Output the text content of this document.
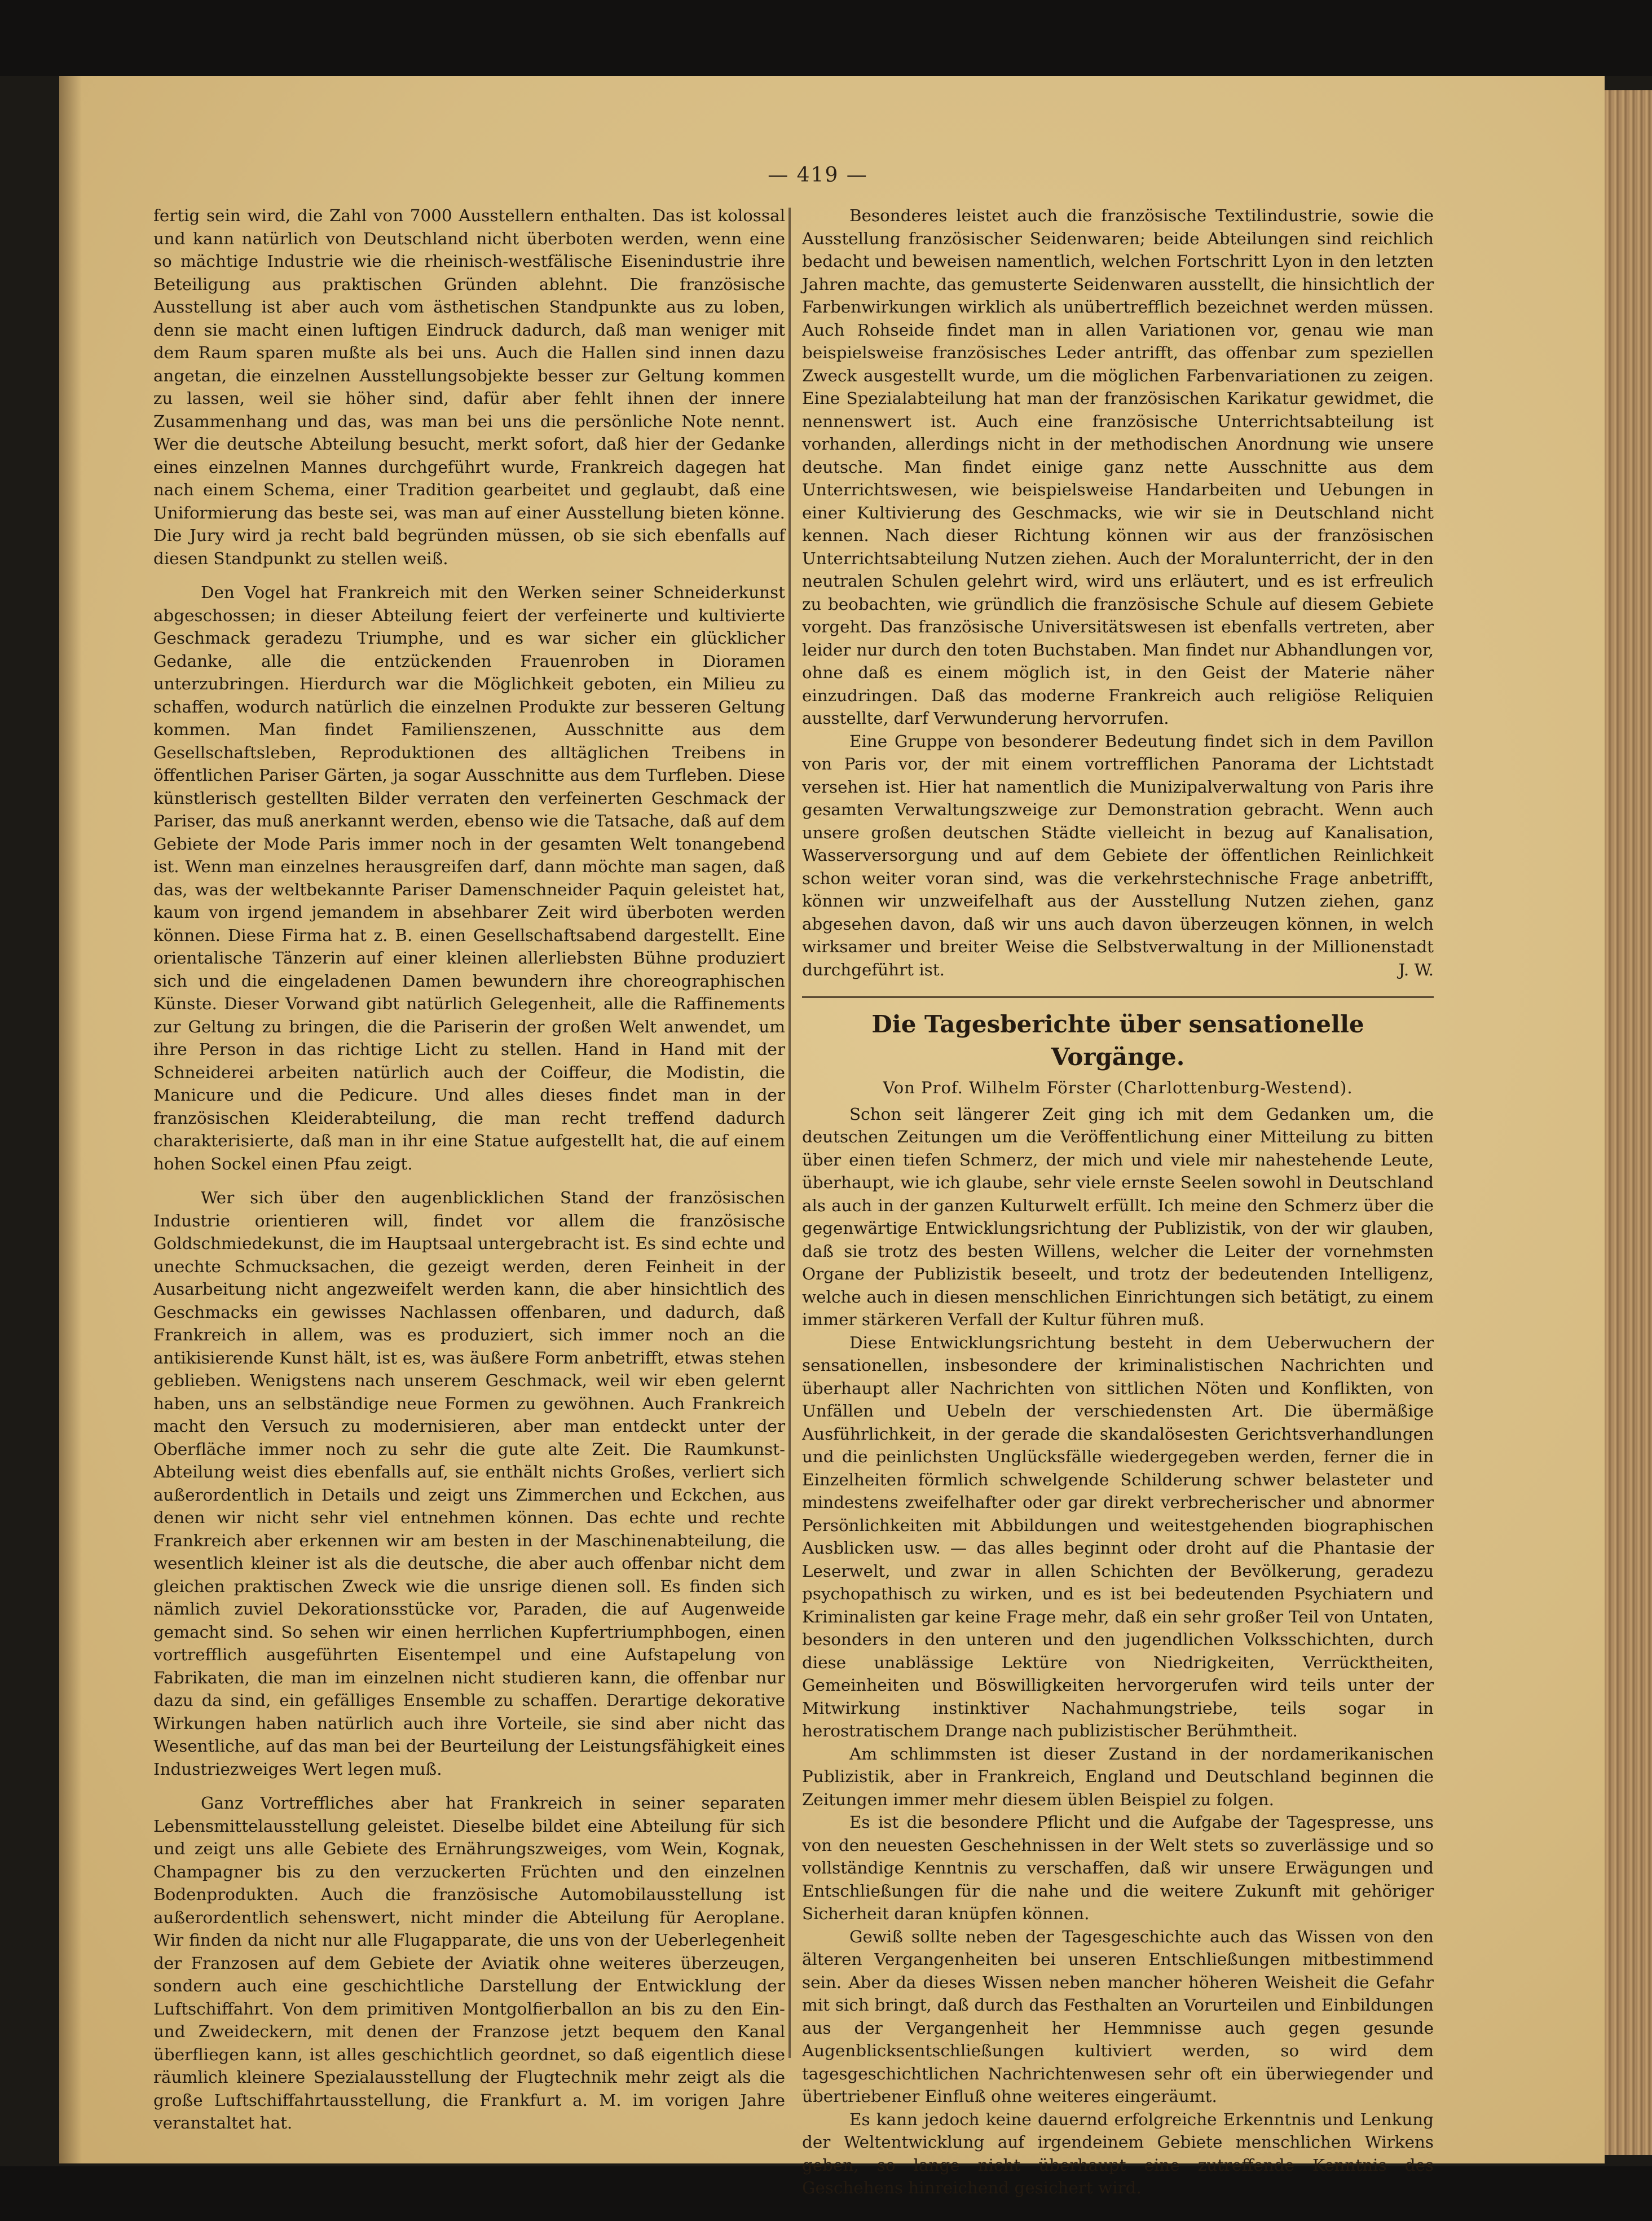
— 419 —

fertig sein wird, die Zahl von 7000 Ausstellern enthalten. Das ist kolossal und kann natürlich von Deutschland nicht überboten werden, wenn eine so mächtige Industrie wie die rheinisch-westfälische Eisenindustrie ihre Beteiligung aus praktischen Gründen ablehnt. Die französische Ausstellung ist aber auch vom ästhetischen Standpunkte aus zu loben, denn sie macht einen luftigen Eindruck dadurch, daß man weniger mit dem Raum sparen mußte als bei uns. Auch die Hallen sind innen dazu angetan, die einzelnen Ausstellungsobjekte besser zur Geltung kommen zu lassen, weil sie höher sind, dafür aber fehlt ihnen der innere Zusammenhang und das, was man bei uns die persönliche Note nennt. Wer die deutsche Abteilung besucht, merkt sofort, daß hier der Gedanke eines einzelnen Mannes durchgeführt wurde, Frankreich dagegen hat nach einem Schema, einer Tradition gearbeitet und geglaubt, daß eine Uniformierung das beste sei, was man auf einer Ausstellung bieten könne. Die Jury wird ja recht bald begründen müssen, ob sie sich ebenfalls auf diesen Standpunkt zu stellen weiß.

Den Vogel hat Frankreich mit den Werken seiner Schneiderkunst abgeschossen; in dieser Abteilung feiert der verfeinerte und kultivierte Geschmack geradezu Triumphe, und es war sicher ein glücklicher Gedanke, alle die entzückenden Frauenroben in Dioramen unterzubringen. Hierdurch war die Möglichkeit geboten, ein Milieu zu schaffen, wodurch natürlich die einzelnen Produkte zur besseren Geltung kommen. Man findet Familienszenen, Ausschnitte aus dem Gesellschaftsleben, Reproduktionen des alltäglichen Treibens in öffentlichen Pariser Gärten, ja sogar Ausschnitte aus dem Turfleben. Diese künstlerisch gestellten Bilder verraten den verfeinerten Geschmack der Pariser, das muß anerkannt werden, ebenso wie die Tatsache, daß auf dem Gebiete der Mode Paris immer noch in der gesamten Welt tonangebend ist. Wenn man einzelnes herausgreifen darf, dann möchte man sagen, daß das, was der weltbekannte Pariser Damenschneider Paquin geleistet hat, kaum von irgend jemandem in absehbarer Zeit wird überboten werden können. Diese Firma hat z. B. einen Gesellschaftsabend dargestellt. Eine orientalische Tänzerin auf einer kleinen allerliebsten Bühne produziert sich und die eingeladenen Damen bewundern ihre choreographischen Künste. Dieser Vorwand gibt natürlich Gelegenheit, alle die Raffinements zur Geltung zu bringen, die die Pariserin der großen Welt anwendet, um ihre Person in das richtige Licht zu stellen. Hand in Hand mit der Schneiderei arbeiten natürlich auch der Coiffeur, die Modistin, die Manicure und die Pedicure. Und alles dieses findet man in der französischen Kleiderabteilung, die man recht treffend dadurch charakterisierte, daß man in ihr eine Statue aufgestellt hat, die auf einem hohen Sockel einen Pfau zeigt.

Wer sich über den augenblicklichen Stand der französischen Industrie orientieren will, findet vor allem die französische Goldschmiedekunst, die im Hauptsaal untergebracht ist. Es sind echte und unechte Schmucksachen, die gezeigt werden, deren Feinheit in der Ausarbeitung nicht angezweifelt werden kann, die aber hinsichtlich des Geschmacks ein gewisses Nachlassen offenbaren, und dadurch, daß Frankreich in allem, was es produziert, sich immer noch an die antikisierende Kunst hält, ist es, was äußere Form anbetrifft, etwas stehen geblieben. Wenigstens nach unserem Geschmack, weil wir eben gelernt haben, uns an selbständige neue Formen zu gewöhnen. Auch Frankreich macht den Versuch zu modernisieren, aber man entdeckt unter der Oberfläche immer noch zu sehr die gute alte Zeit. Die Raumkunst-Abteilung weist dies ebenfalls auf, sie enthält nichts Großes, verliert sich außerordentlich in Details und zeigt uns Zimmerchen und Eckchen, aus denen wir nicht sehr viel entnehmen können. Das echte und rechte Frankreich aber erkennen wir am besten in der Maschinenabteilung, die wesentlich kleiner ist als die deutsche, die aber auch offenbar nicht dem gleichen praktischen Zweck wie die unsrige dienen soll. Es finden sich nämlich zuviel Dekorationsstücke vor, Paraden, die auf Augenweide gemacht sind. So sehen wir einen herrlichen Kupfertriumphbogen, einen vortrefflich ausgeführten Eisentempel und eine Aufstapelung von Fabrikaten, die man im einzelnen nicht studieren kann, die offenbar nur dazu da sind, ein gefälliges Ensemble zu schaffen. Derartige dekorative Wirkungen haben natürlich auch ihre Vorteile, sie sind aber nicht das Wesentliche, auf das man bei der Beurteilung der Leistungsfähigkeit eines Industriezweiges Wert legen muß.

Ganz Vortreffliches aber hat Frankreich in seiner separaten Lebensmittelausstellung geleistet. Dieselbe bildet eine Abteilung für sich und zeigt uns alle Gebiete des Ernährungszweiges, vom Wein, Kognak, Champagner bis zu den verzuckerten Früchten und den einzelnen Bodenprodukten. Auch die französische Automobilausstellung ist außerordentlich sehenswert, nicht minder die Abteilung für Aeroplane. Wir finden da nicht nur alle Flugapparate, die uns von der Ueberlegenheit der Franzosen auf dem Gebiete der Aviatik ohne weiteres überzeugen, sondern auch eine geschichtliche Darstellung der Entwicklung der Luftschiffahrt. Von dem primitiven Montgolfierballon an bis zu den Ein- und Zweideckern, mit denen der Franzose jetzt bequem den Kanal überfliegen kann, ist alles geschichtlich geordnet, so daß eigentlich diese räumlich kleinere Spezialausstellung der Flugtechnik mehr zeigt als die große Luftschiffahrtausstellung, die Frankfurt a. M. im vorigen Jahre veranstaltet hat.

Besonderes leistet auch die französische Textilindustrie, sowie die Ausstellung französischer Seidenwaren; beide Abteilungen sind reichlich bedacht und beweisen namentlich, welchen Fortschritt Lyon in den letzten Jahren machte, das gemusterte Seidenwaren ausstellt, die hinsichtlich der Farbenwirkungen wirklich als unübertrefflich bezeichnet werden müssen. Auch Rohseide findet man in allen Variationen vor, genau wie man beispielsweise französisches Leder antrifft, das offenbar zum speziellen Zweck ausgestellt wurde, um die möglichen Farbenvariationen zu zeigen. Eine Spezialabteilung hat man der französischen Karikatur gewidmet, die nennenswert ist. Auch eine französische Unterrichtsabteilung ist vorhanden, allerdings nicht in der methodischen Anordnung wie unsere deutsche. Man findet einige ganz nette Ausschnitte aus dem Unterrichtswesen, wie beispielsweise Handarbeiten und Uebungen in einer Kultivierung des Geschmacks, wie wir sie in Deutschland nicht kennen. Nach dieser Richtung können wir aus der französischen Unterrichtsabteilung Nutzen ziehen. Auch der Moralunterricht, der in den neutralen Schulen gelehrt wird, wird uns erläutert, und es ist erfreulich zu beobachten, wie gründlich die französische Schule auf diesem Gebiete vorgeht. Das französische Universitätswesen ist ebenfalls vertreten, aber leider nur durch den toten Buchstaben. Man findet nur Abhandlungen vor, ohne daß es einem möglich ist, in den Geist der Materie näher einzudringen. Daß das moderne Frankreich auch religiöse Reliquien ausstellte, darf Verwunderung hervorrufen.

Eine Gruppe von besonderer Bedeutung findet sich in dem Pavillon von Paris vor, der mit einem vortrefflichen Panorama der Lichtstadt versehen ist. Hier hat namentlich die Munizipalverwaltung von Paris ihre gesamten Verwaltungszweige zur Demonstration gebracht. Wenn auch unsere großen deutschen Städte vielleicht in bezug auf Kanalisation, Wasserversorgung und auf dem Gebiete der öffentlichen Reinlichkeit schon weiter voran sind, was die verkehrstechnische Frage anbetrifft, können wir unzweifelhaft aus der Ausstellung Nutzen ziehen, ganz abgesehen davon, daß wir uns auch davon überzeugen können, in welch wirksamer und breiter Weise die Selbstverwaltung in der Millionenstadt durchgeführt ist.	J. W.
Die Tagesberichte über sensationelle Vorgänge.
Von Prof. Wilhelm Förster (Charlottenburg-Westend).

Schon seit längerer Zeit ging ich mit dem Gedanken um, die deutschen Zeitungen um die Veröffentlichung einer Mitteilung zu bitten über einen tiefen Schmerz, der mich und viele mir nahestehende Leute, überhaupt, wie ich glaube, sehr viele ernste Seelen sowohl in Deutschland als auch in der ganzen Kulturwelt erfüllt. Ich meine den Schmerz über die gegenwärtige Entwicklungsrichtung der Publizistik, von der wir glauben, daß sie trotz des besten Willens, welcher die Leiter der vornehmsten Organe der Publizistik beseelt, und trotz der bedeutenden Intelligenz, welche auch in diesen menschlichen Einrichtungen sich betätigt, zu einem immer stärkeren Verfall der Kultur führen muß.

Diese Entwicklungsrichtung besteht in dem Ueberwuchern der sensationellen, insbesondere der kriminalistischen Nachrichten und überhaupt aller Nachrichten von sittlichen Nöten und Konflikten, von Unfällen und Uebeln der verschiedensten Art. Die übermäßige Ausführlichkeit, in der gerade die skandalösesten Gerichtsverhandlungen und die peinlichsten Unglücksfälle wiedergegeben werden, ferner die in Einzelheiten förmlich schwelgende Schilderung schwer belasteter und mindestens zweifelhafter oder gar direkt verbrecherischer und abnormer Persönlichkeiten mit Abbildungen und weitestgehenden biographischen Ausblicken usw. — das alles beginnt oder droht auf die Phantasie der Leserwelt, und zwar in allen Schichten der Bevölkerung, geradezu psychopathisch zu wirken, und es ist bei bedeutenden Psychiatern und Kriminalisten gar keine Frage mehr, daß ein sehr großer Teil von Untaten, besonders in den unteren und den jugendlichen Volksschichten, durch diese unablässige Lektüre von Niedrigkeiten, Verrücktheiten, Gemeinheiten und Böswilligkeiten hervorgerufen wird teils unter der Mitwirkung instinktiver Nachahmungstriebe, teils sogar in herostratischem Drange nach publizistischer Berühmtheit.

Am schlimmsten ist dieser Zustand in der nordamerikanischen Publizistik, aber in Frankreich, England und Deutschland beginnen die Zeitungen immer mehr diesem üblen Beispiel zu folgen.

Es ist die besondere Pflicht und die Aufgabe der Tagespresse, uns von den neuesten Geschehnissen in der Welt stets so zuverlässige und so vollständige Kenntnis zu verschaffen, daß wir unsere Erwägungen und Entschließungen für die nahe und die weitere Zukunft mit gehöriger Sicherheit daran knüpfen können.

Gewiß sollte neben der Tagesgeschichte auch das Wissen von den älteren Vergangenheiten bei unseren Entschließungen mitbestimmend sein. Aber da dieses Wissen neben mancher höheren Weisheit die Gefahr mit sich bringt, daß durch das Festhalten an Vorurteilen und Einbildungen aus der Vergangenheit her Hemmnisse auch gegen gesunde Augenblicksentschließungen kultiviert werden, so wird dem tagesgeschichtlichen Nachrichtenwesen sehr oft ein überwiegender und übertriebener Einfluß ohne weiteres eingeräumt.

Es kann jedoch keine dauernd erfolgreiche Erkenntnis und Lenkung der Weltentwicklung auf irgendeinem Gebiete menschlichen Wirkens geben, so lange nicht überhaupt eine zutreffende Kenntnis des Geschehens hinreichend gesichert wird.
